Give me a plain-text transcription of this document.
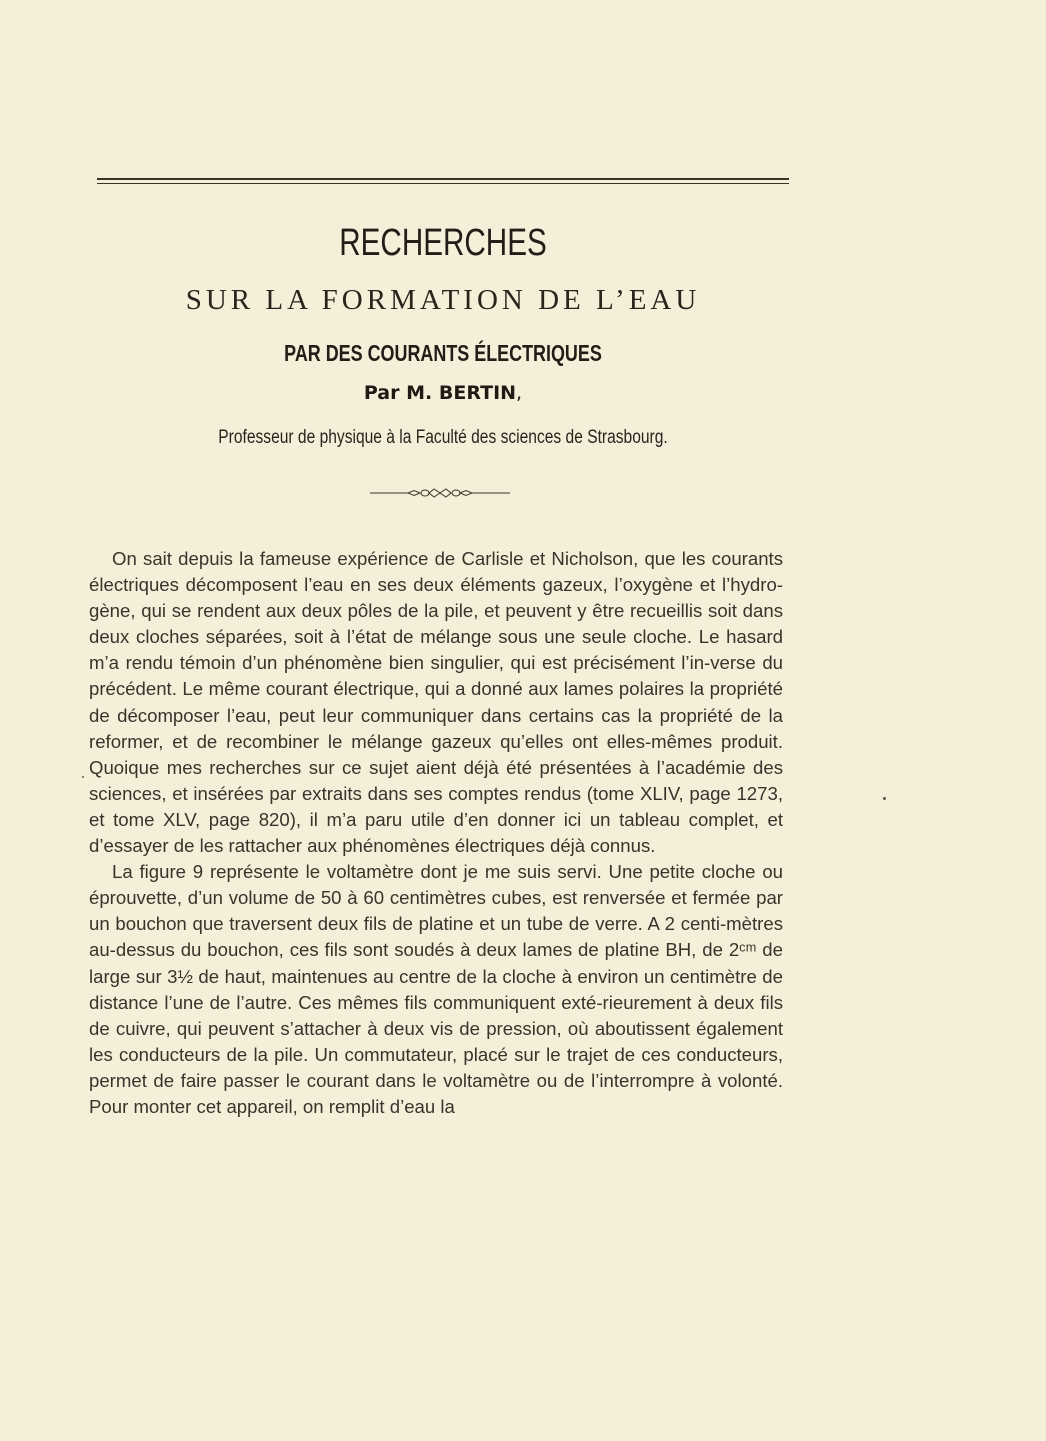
RECHERCHES
SUR LA FORMATION DE L’EAU
PAR DES COURANTS ÉLECTRIQUES
Par M. BERTIN,
Professeur de physique à la Faculté des sciences de Strasbourg.

On sait depuis la fameuse expérience de Carlisle et Nicholson, que les courants électriques décomposent l’eau en ses deux éléments gazeux, l’oxygène et l’hydro-gène, qui se rendent aux deux pôles de la pile, et peuvent y être recueillis soit dans deux cloches séparées, soit à l’état de mélange sous une seule cloche. Le hasard m’a rendu témoin d’un phénomène bien singulier, qui est précisément l’in-verse du précédent. Le même courant électrique, qui a donné aux lames polaires la propriété de décomposer l’eau, peut leur communiquer dans certains cas la propriété de la reformer, et de recombiner le mélange gazeux qu’elles ont elles-mêmes produit. Quoique mes recherches sur ce sujet aient déjà été présentées à l’académie des sciences, et insérées par extraits dans ses comptes rendus (tome XLIV, page 1273, et tome XLV, page 820), il m’a paru utile d’en donner ici un tableau complet, et d’essayer de les rattacher aux phénomènes électriques déjà connus.

La figure 9 représente le voltamètre dont je me suis servi. Une petite cloche ou éprouvette, d’un volume de 50 à 60 centimètres cubes, est renversée et fermée par un bouchon que traversent deux fils de platine et un tube de verre. A 2 centi-mètres au-dessus du bouchon, ces fils sont soudés à deux lames de platine BH, de 2ᶜᵐ de large sur 3½ de haut, maintenues au centre de la cloche à environ un centimètre de distance l’une de l’autre. Ces mêmes fils communiquent exté-rieurement à deux fils de cuivre, qui peuvent s’attacher à deux vis de pression, où aboutissent également les conducteurs de la pile. Un commutateur, placé sur le trajet de ces conducteurs, permet de faire passer le courant dans le voltamètre ou de l’interrompre à volonté. Pour monter cet appareil, on remplit d’eau la
